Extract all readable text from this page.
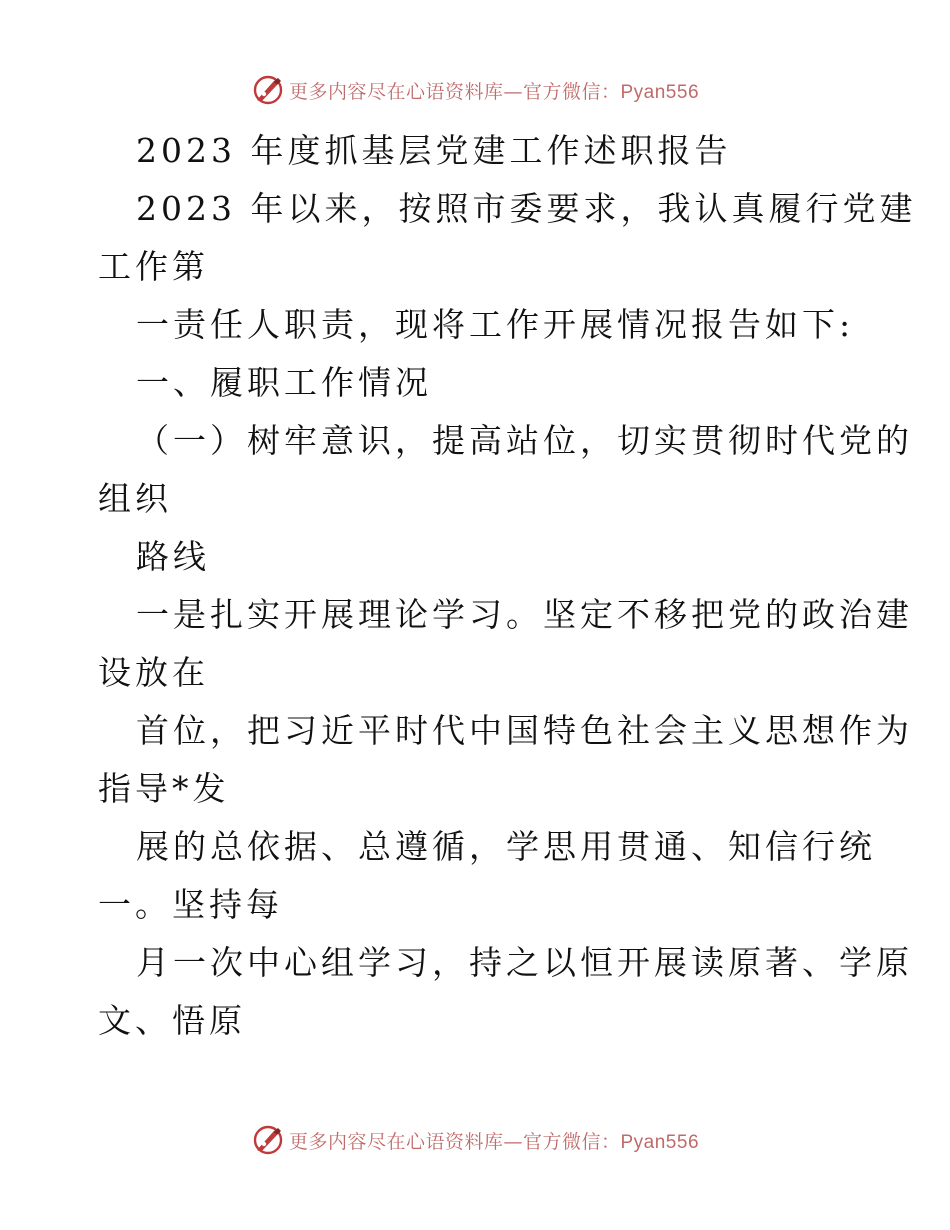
更多内容尽在心语资料库—官方微信：Pyan556
2023 年度抓基层党建工作述职报告
2023 年以来，按照市委要求，我认真履行党建
工作第
一责任人职责，现将工作开展情况报告如下:
一、履职工作情况
（一）树牢意识，提高站位，切实贯彻时代党的
组织
路线
一是扎实开展理论学习。坚定不移把党的政治建
设放在
首位，把习近平时代中国特色社会主义思想作为
指导*发
展的总依据、总遵循，学思用贯通、知信行统
一。坚持每
月一次中心组学习，持之以恒开展读原著、学原
文、悟原
更多内容尽在心语资料库—官方微信：Pyan556
